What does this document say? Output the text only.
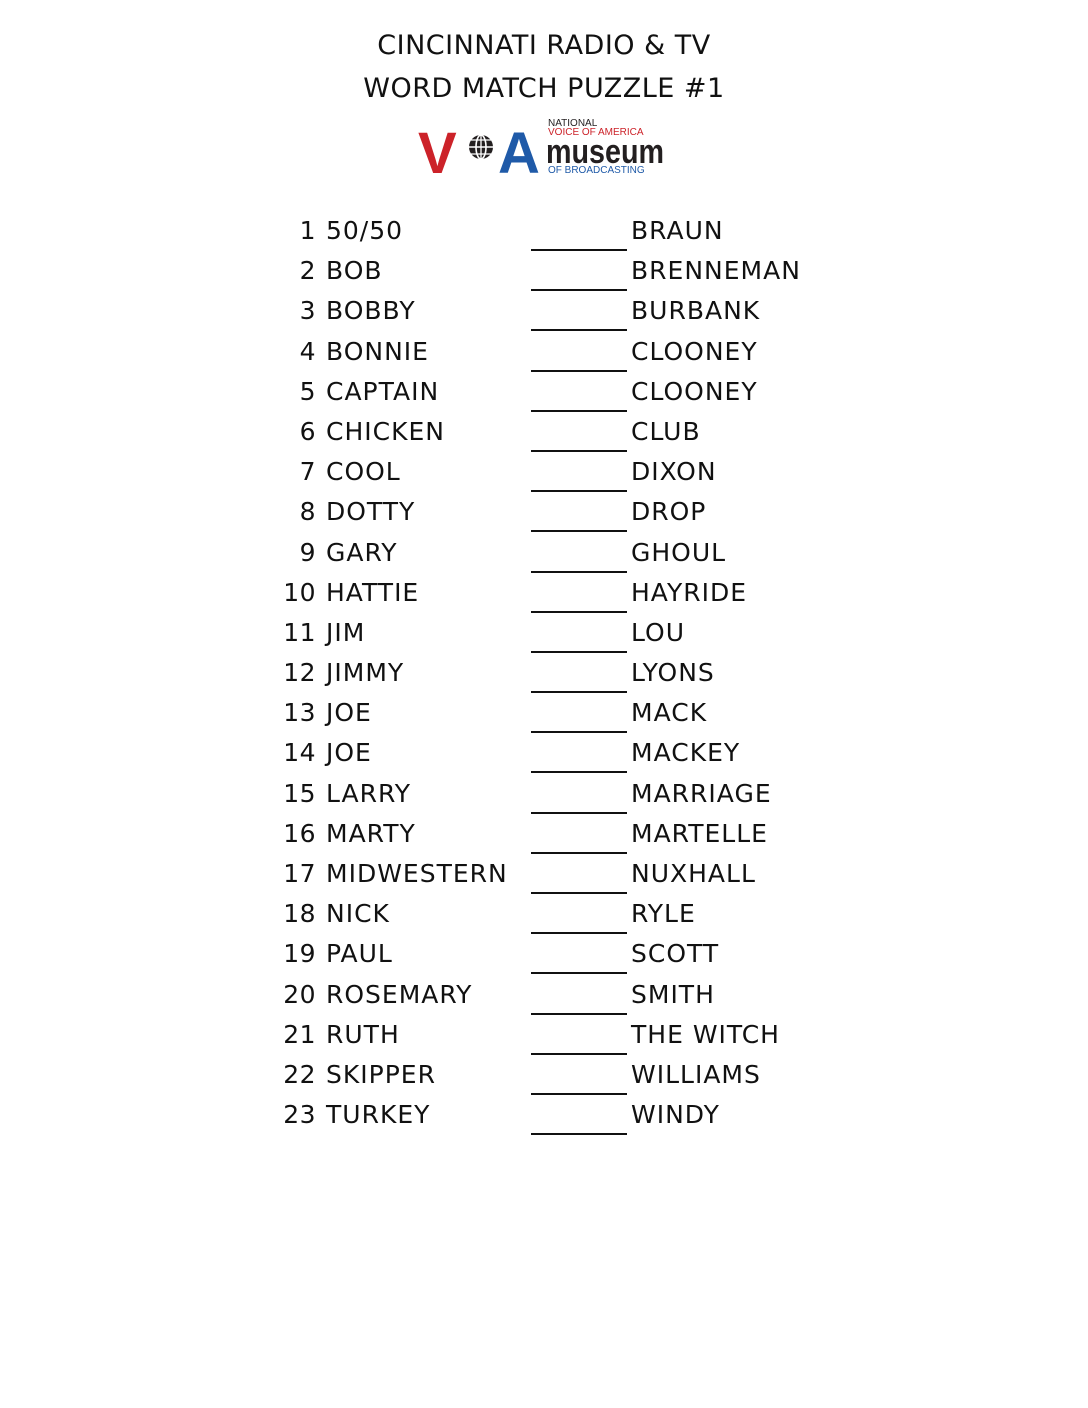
CINCINNATI RADIO & TV
WORD MATCH PUZZLE #1
V A NATIONAL
VOICE OF AMERICA
museum
OF BROADCASTING
1 50/50	BRAUN
2 BOB	BRENNEMAN
3 BOBBY	BURBANK
4 BONNIE	CLOONEY
5 CAPTAIN	CLOONEY
6 CHICKEN	CLUB
7 COOL	DIXON
8 DOTTY	DROP
9 GARY	GHOUL
10 HATTIE	HAYRIDE
11 JIM	LOU
12 JIMMY	LYONS
13 JOE	MACK
14 JOE	MACKEY
15 LARRY	MARRIAGE
16 MARTY	MARTELLE
17 MIDWESTERN	NUXHALL
18 NICK	RYLE
19 PAUL	SCOTT
20 ROSEMARY	SMITH
21 RUTH	THE WITCH
22 SKIPPER	WILLIAMS
23 TURKEY	WINDY
